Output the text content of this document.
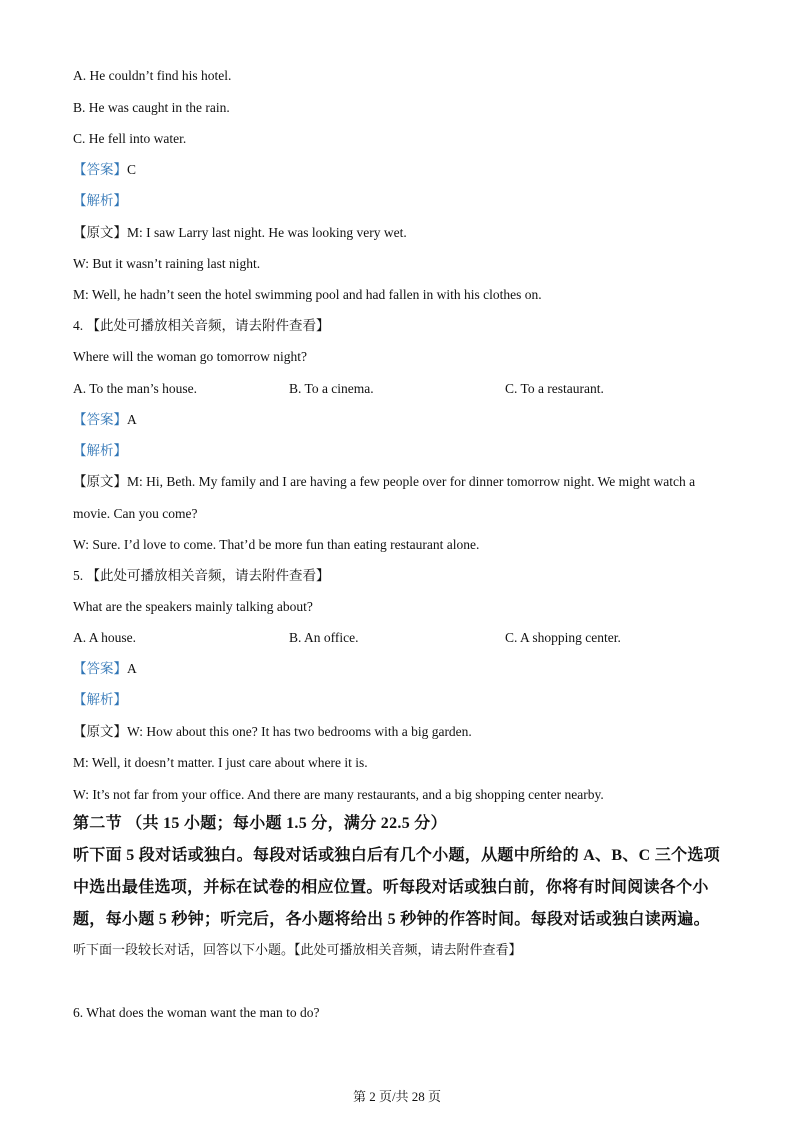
A. He couldn’t find his hotel.
B. He was caught in the rain.
C. He fell into water.
【答案】C
【解析】
【原文】M: I saw Larry last night. He was looking very wet.
W: But it wasn’t raining last night.
M: Well, he hadn’t seen the hotel swimming pool and had fallen in with his clothes on.
4. 【此处可播放相关音频，请去附件查看】
Where will the woman go tomorrow night?
A. To the man’s house.	B. To a cinema.	C. To a restaurant.
【答案】A
【解析】
【原文】M: Hi, Beth. My family and I are having a few people over for dinner tomorrow night. We might watch a
movie. Can you come?
W: Sure. I’d love to come. That’d be more fun than eating restaurant alone.
5. 【此处可播放相关音频，请去附件查看】
What are the speakers mainly talking about?
A. A house.	B. An office.	C. A shopping center.
【答案】A
【解析】
【原文】W: How about this one? It has two bedrooms with a big garden.
M: Well, it doesn’t matter. I just care about where it is.
W: It’s not far from your office. And there are many restaurants, and a big shopping center nearby.
第二节 （共 15 小题；每小题 1.5 分，满分 22.5 分）
听下面 5 段对话或独白。每段对话或独白后有几个小题，从题中所给的 A、B、C 三个选项
中选出最佳选项，并标在试卷的相应位置。听每段对话或独白前，你将有时间阅读各个小
题，每小题 5 秒钟；听完后，各小题将给出 5 秒钟的作答时间。每段对话或独白读两遍。
听下面一段较长对话，回答以下小题。【此处可播放相关音频，请去附件查看】
6. What does the woman want the man to do?
第 2 页/共 28 页
